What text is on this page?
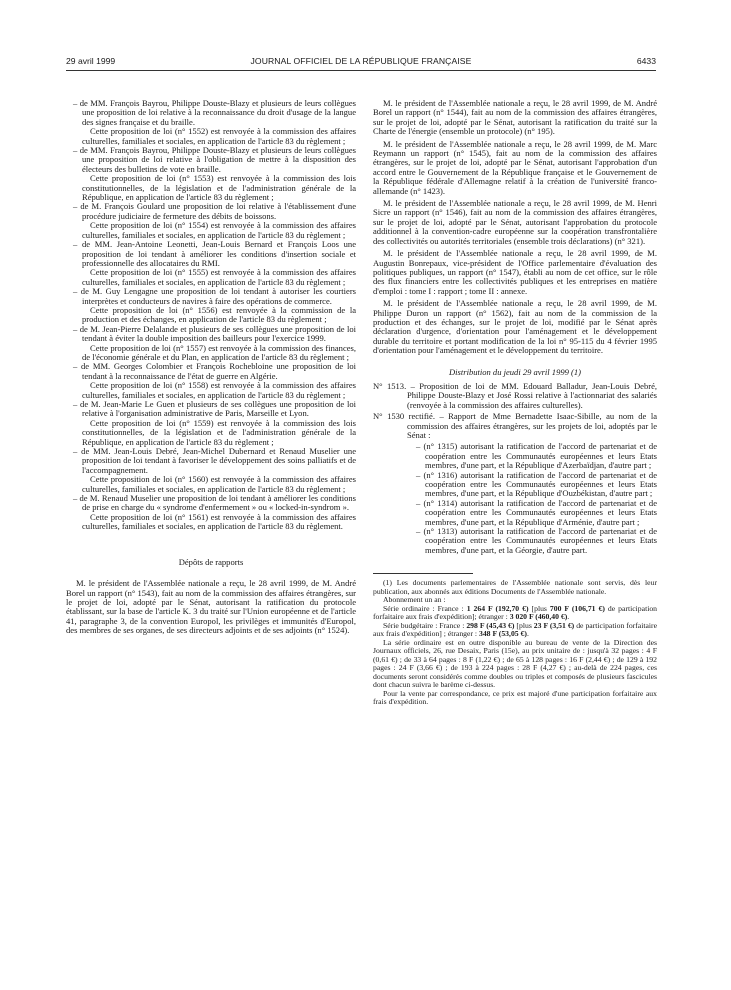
29 avril 1999	JOURNAL OFFICIEL DE LA RÉPUBLIQUE FRANÇAISE	6433

– de MM. François Bayrou, Philippe Douste-Blazy et plusieurs de leurs collègues une proposition de loi relative à la reconnaissance du droit d'usage de la langue des signes française et du braille.

Cette proposition de loi (n° 1552) est renvoyée à la commission des affaires culturelles, familiales et sociales, en application de l'article 83 du règlement ;

– de MM. François Bayrou, Philippe Douste-Blazy et plusieurs de leurs collègues une proposition de loi relative à l'obligation de mettre à la disposition des électeurs des bulletins de vote en braille.

Cette proposition de loi (n° 1553) est renvoyée à la commission des lois constitutionnelles, de la législation et de l'administration générale de la République, en application de l'article 83 du règlement ;

– de M. François Goulard une proposition de loi relative à l'établissement d'une procédure judiciaire de fermeture des débits de boissons.

Cette proposition de loi (n° 1554) est renvoyée à la commission des affaires culturelles, familiales et sociales, en application de l'article 83 du règlement ;

– de MM. Jean-Antoine Leonetti, Jean-Louis Bernard et François Loos une proposition de loi tendant à améliorer les conditions d'insertion sociale et professionnelle des allocataires du RMI.

Cette proposition de loi (n° 1555) est renvoyée à la commission des affaires culturelles, familiales et sociales, en application de l'article 83 du règlement ;

– de M. Guy Lengagne une proposition de loi tendant à autoriser les courtiers interprètes et conducteurs de navires à faire des opérations de commerce.

Cette proposition de loi (n° 1556) est renvoyée à la commission de la production et des échanges, en application de l'article 83 du règlement ;

– de M. Jean-Pierre Delalande et plusieurs de ses collègues une proposition de loi tendant à éviter la double imposition des bailleurs pour l'exercice 1999.

Cette proposition de loi (n° 1557) est renvoyée à la commission des finances, de l'économie générale et du Plan, en application de l'article 83 du règlement ;

– de MM. Georges Colombier et François Rochebloine une proposition de loi tendant à la reconnaissance de l'état de guerre en Algérie.

Cette proposition de loi (n° 1558) est renvoyée à la commission des affaires culturelles, familiales et sociales, en application de l'article 83 du règlement ;

– de M. Jean-Marie Le Guen et plusieurs de ses collègues une proposition de loi relative à l'organisation administrative de Paris, Marseille et Lyon.

Cette proposition de loi (n° 1559) est renvoyée à la commission des lois constitutionnelles, de la législation et de l'administration générale de la République, en application de l'article 83 du règlement ;

– de MM. Jean-Louis Debré, Jean-Michel Dubernard et Renaud Muselier une proposition de loi tendant à favoriser le développement des soins palliatifs et de l'accompagnement.

Cette proposition de loi (n° 1560) est renvoyée à la commission des affaires culturelles, familiales et sociales, en application de l'article 83 du règlement ;

– de M. Renaud Muselier une proposition de loi tendant à améliorer les conditions de prise en charge du « syndrome d'enfermement » ou « locked-in-syndrom ».

Cette proposition de loi (n° 1561) est renvoyée à la commission des affaires culturelles, familiales et sociales, en application de l'article 83 du règlement.

Dépôts de rapports

M. le président de l'Assemblée nationale a reçu, le 28 avril 1999, de M. André Borel un rapport (n° 1543), fait au nom de la commission des affaires étrangères, sur le projet de loi, adopté par le Sénat, autorisant la ratification du protocole établissant, sur la base de l'article K. 3 du traité sur l'Union européenne et de l'article 41, paragraphe 3, de la convention Europol, les privilèges et immunités d'Europol, des membres de ses organes, de ses directeurs adjoints et de ses adjoints (n° 1524).

M. le président de l'Assemblée nationale a reçu, le 28 avril 1999, de M. André Borel un rapport (n° 1544), fait au nom de la commission des affaires étrangères, sur le projet de loi, adopté par le Sénat, autorisant la ratification du traité sur la Charte de l'énergie (ensemble un protocole) (n° 195).

M. le président de l'Assemblée nationale a reçu, le 28 avril 1999, de M. Marc Reymann un rapport (n° 1545), fait au nom de la commission des affaires étrangères, sur le projet de loi, adopté par le Sénat, autorisant l'approbation d'un accord entre le Gouvernement de la République française et le Gouvernement de la République fédérale d'Allemagne relatif à la création de l'université franco-allemande (n° 1423).

M. le président de l'Assemblée nationale a reçu, le 28 avril 1999, de M. Henri Sicre un rapport (n° 1546), fait au nom de la commission des affaires étrangères, sur le projet de loi, adopté par le Sénat, autorisant l'approbation du protocole additionnel à la convention-cadre européenne sur la coopération transfrontalière des collectivités ou autorités territoriales (ensemble trois déclarations) (n° 321).

M. le président de l'Assemblée nationale a reçu, le 28 avril 1999, de M. Augustin Bonrepaux, vice-président de l'Office parlementaire d'évaluation des politiques publiques, un rapport (n° 1547), établi au nom de cet office, sur le rôle des flux financiers entre les collectivités publiques et les entreprises en matière d'emploi : tome I : rapport ; tome II : annexe.

M. le président de l'Assemblée nationale a reçu, le 28 avril 1999, de M. Philippe Duron un rapport (n° 1562), fait au nom de la commission de la production et des échanges, sur le projet de loi, modifié par le Sénat après déclaration d'urgence, d'orientation pour l'aménagement et le développement durable du territoire et portant modification de la loi n° 95-115 du 4 février 1995 d'orientation pour l'aménagement et le développement du territoire.

Distribution du jeudi 29 avril 1999 (1)

N° 1513. – Proposition de loi de MM. Edouard Balladur, Jean-Louis Debré, Philippe Douste-Blazy et José Rossi relative à l'actionnariat des salariés (renvoyée à la commission des affaires culturelles).

N° 1530 rectifié. – Rapport de Mme Bernadette Isaac-Sibille, au nom de la commission des affaires étrangères, sur les projets de loi, adoptés par le Sénat :

– (n° 1315) autorisant la ratification de l'accord de partenariat et de coopération entre les Communautés européennes et leurs Etats membres, d'une part, et la République d'Azerbaïdjan, d'autre part ;

– (n° 1316) autorisant la ratification de l'accord de partenariat et de coopération entre les Communautés européennes et leurs Etats membres, d'une part, et la République d'Ouzbékistan, d'autre part ;

– (n° 1314) autorisant la ratification de l'accord de partenariat et de coopération entre les Communautés européennes et leurs Etats membres, d'une part, et la République d'Arménie, d'autre part ;

– (n° 1313) autorisant la ratification de l'accord de partenariat et de coopération entre les Communautés européennes et leurs Etats membres, d'une part, et la Géorgie, d'autre part.

(1) Les documents parlementaires de l'Assemblée nationale sont servis, dès leur publication, aux abonnés aux éditions Documents de l'Assemblée nationale.

Abonnement un an :

Série ordinaire : France : 1 264 F (192,70 €) [plus 700 F (106,71 €) de participation forfaitaire aux frais d'expédition]; étranger : 3 020 F (460,40 €).

Série budgétaire : France : 298 F (45,43 €) [plus 23 F (3,51 €) de participation forfaitaire aux frais d'expédition] ; étranger : 348 F (53,05 €).

La série ordinaire est en outre disponible au bureau de vente de la Direction des Journaux officiels, 26, rue Desaix, Paris (15e), au prix unitaire de : jusqu'à 32 pages : 4 F (0,61 €) ; de 33 à 64 pages : 8 F (1,22 €) ; de 65 à 128 pages : 16 F (2,44 €) ; de 129 à 192 pages : 24 F (3,66 €) ; de 193 à 224 pages : 28 F (4,27 €) ; au-delà de 224 pages, ces documents seront considérés comme doubles ou triples et composés de plusieurs fascicules dont chacun suivra le barème ci-dessus.

Pour la vente par correspondance, ce prix est majoré d'une participation forfaitaire aux frais d'expédition.
